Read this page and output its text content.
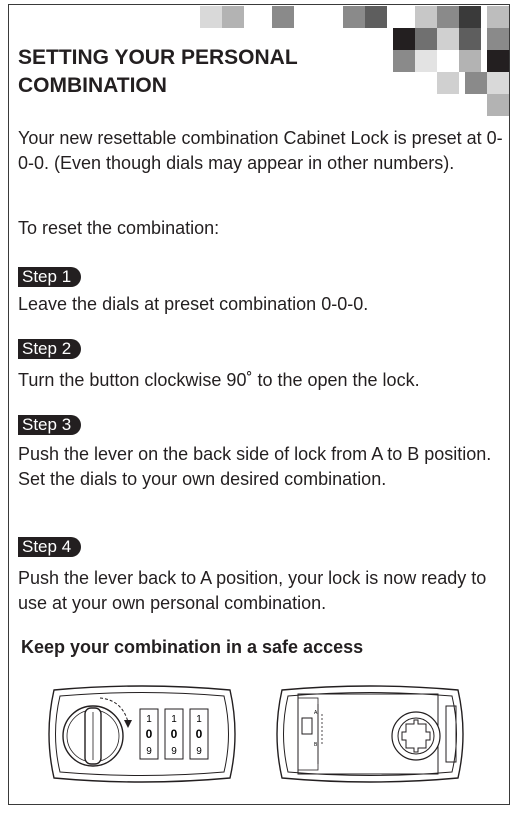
SETTING YOUR PERSONAL COMBINATION

Your new resettable combination Cabinet Lock is preset at 0-0-0. (Even though dials may appear in other numbers).

To reset the combination:

Step 1

Leave the dials at preset combination 0-0-0.

Step 2

Turn the button clockwise 90˚ to the open the lock.

Step 3

Push the lever on the back side of lock from A to B position. Set the dials to your own desired combination.

Step 4

Push the lever back to A position, your lock is now ready to use at your own personal combination.

Keep your combination in a safe access

1
0
9
1
0
9
1
0
9
A
B
